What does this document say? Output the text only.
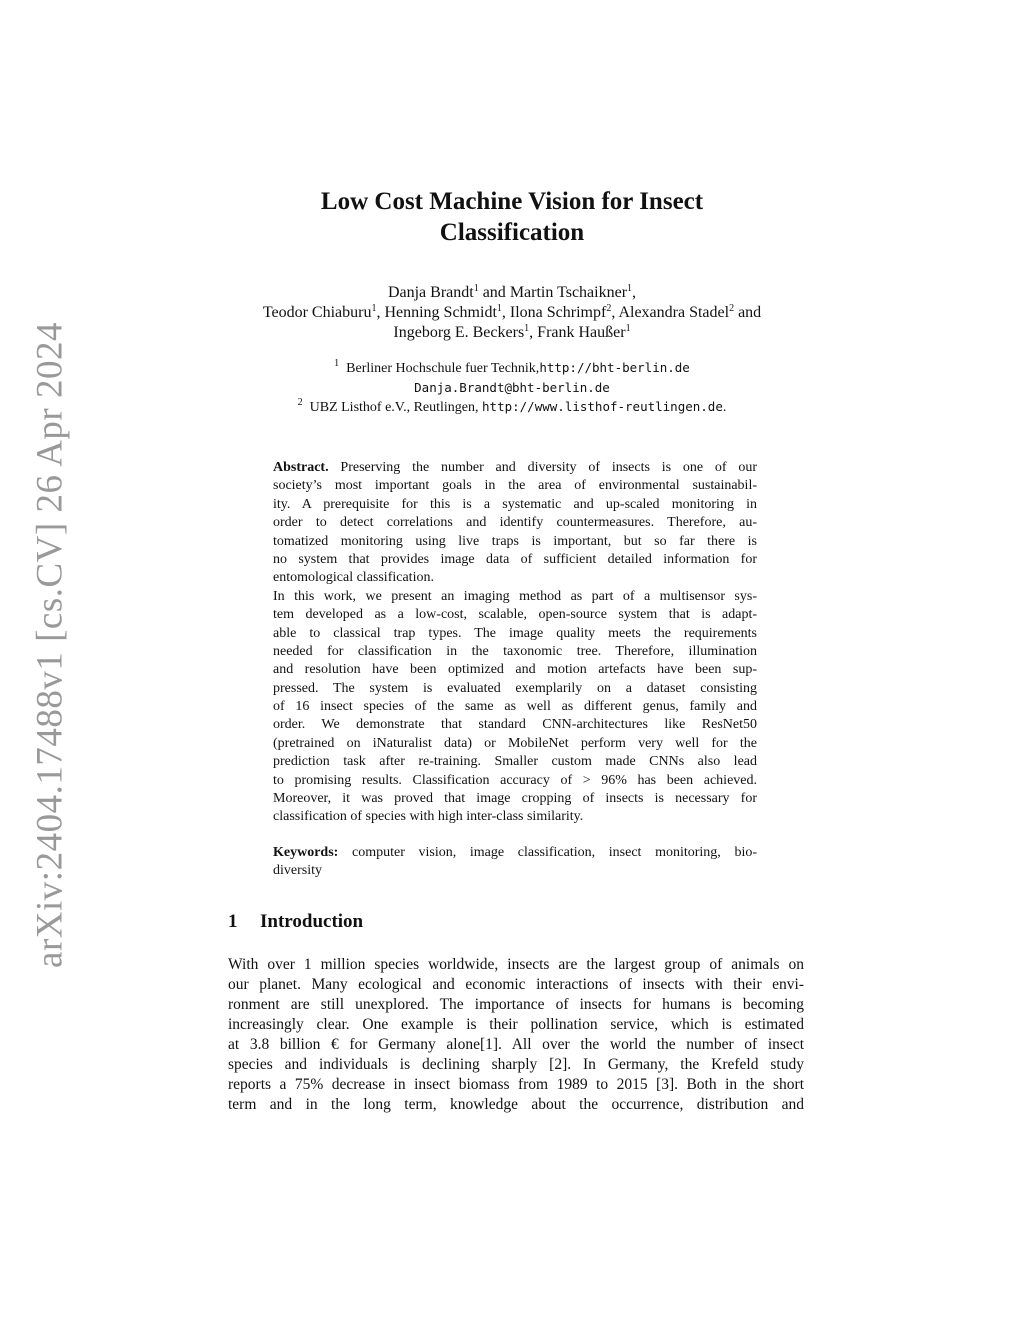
arXiv:2404.17488v1 [cs.CV] 26 Apr 2024
Low Cost Machine Vision for Insect
Classification
Danja Brandt$^1$ and Martin Tschaikner$^1$,
Teodor Chiaburu$^1$, Henning Schmidt$^1$, Ilona Schrimpf$^2$, Alexandra Stadel$^2$ and
Ingeborg E. Beckers$^1$, Frank Haußer$^1$
$^1$ Berliner Hochschule fuer Technik,http://bht-berlin.de
Danja.Brandt@bht-berlin.de
$^2$ UBZ Listhof e.V., Reutlingen, http://www.listhof-reutlingen.de.
Abstract. Preserving the number and diversity of insects is one of our
society’s most important goals in the area of environmental sustainabil-
ity. A prerequisite for this is a systematic and up-scaled monitoring in
order to detect correlations and identify countermeasures. Therefore, au-
tomatized monitoring using live traps is important, but so far there is
no system that provides image data of sufficient detailed information for
entomological classification.
In this work, we present an imaging method as part of a multisensor sys-
tem developed as a low-cost, scalable, open-source system that is adapt-
able to classical trap types. The image quality meets the requirements
needed for classification in the taxonomic tree. Therefore, illumination
and resolution have been optimized and motion artefacts have been sup-
pressed. The system is evaluated exemplarily on a dataset consisting
of 16 insect species of the same as well as different genus, family and
order. We demonstrate that standard CNN-architectures like ResNet50
(pretrained on iNaturalist data) or MobileNet perform very well for the
prediction task after re-training. Smaller custom made CNNs also lead
to promising results. Classification accuracy of > 96% has been achieved.
Moreover, it was proved that image cropping of insects is necessary for
classification of species with high inter-class similarity.
Keywords: computer vision, image classification, insect monitoring, bio-
diversity
1 Introduction
With over 1 million species worldwide, insects are the largest group of animals on
our planet. Many ecological and economic interactions of insects with their envi-
ronment are still unexplored. The importance of insects for humans is becoming
increasingly clear. One example is their pollination service, which is estimated
at 3.8 billion € for Germany alone[1]. All over the world the number of insect
species and individuals is declining sharply [2]. In Germany, the Krefeld study
reports a 75% decrease in insect biomass from 1989 to 2015 [3]. Both in the short
term and in the long term, knowledge about the occurrence, distribution and
